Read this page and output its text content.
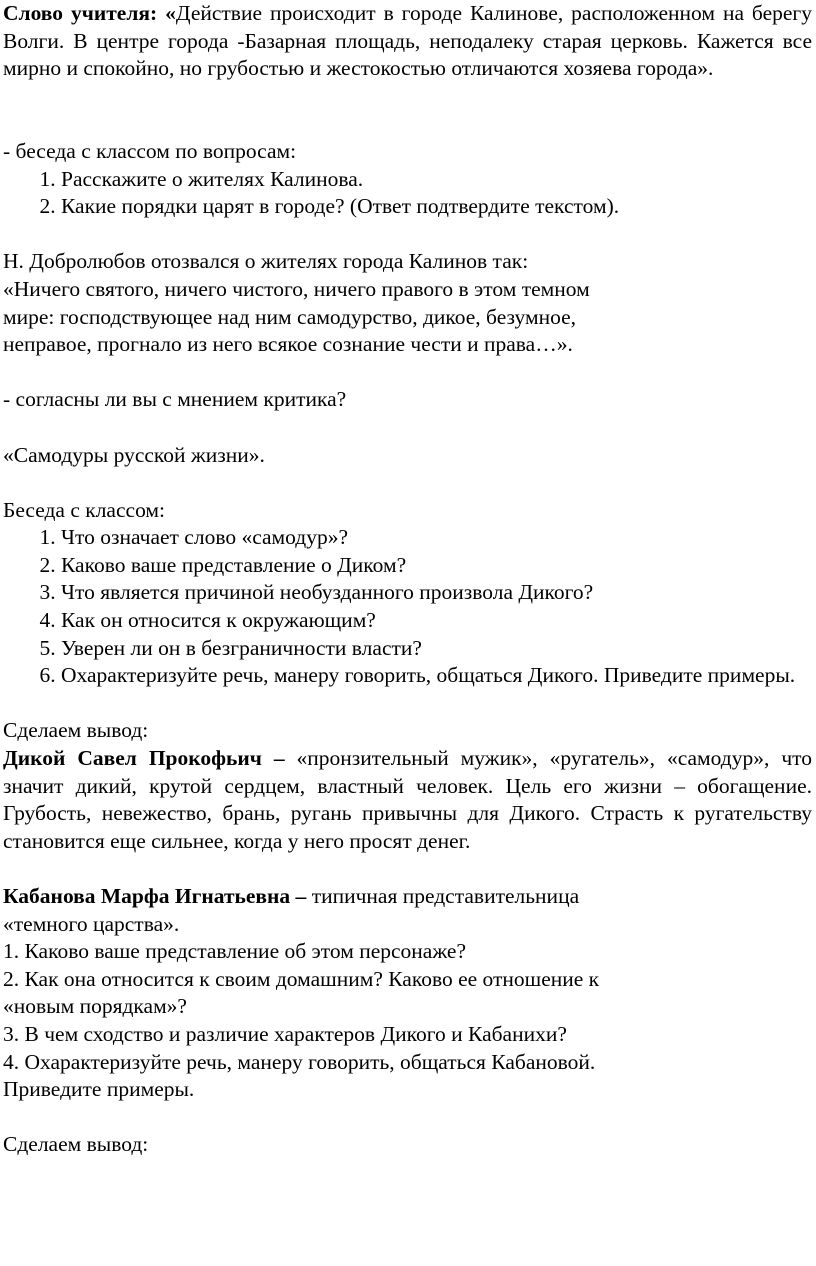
Слово учителя: «Действие происходит в городе Калинове, расположенном на берегу Волги. В центре города -Базарная площадь, неподалеку старая церковь. Кажется все мирно и спокойно, но грубостью и жестокостью отличаются хозяева города».

- беседа с классом по вопросам:

1. Расскажите о жителях Калинова.
2. Какие порядки царят в городе? (Ответ подтвердите текстом).

Н. Добролюбов отозвался о жителях города Калинов так:

«Ничего святого, ничего чистого, ничего правого в этом темном

мире: господствующее над ним самодурство, дикое, безумное,

неправое, прогнало из него всякое сознание чести и права…».

- согласны ли вы с мнением критика?

«Самодуры русской жизни».

Беседа с классом:

1. Что означает слово «самодур»?
2. Каково ваше представление о Диком?
3. Что является причиной необузданного произвола Дикого?
4. Как он относится к окружающим?
5. Уверен ли он в безграничности власти?
6. Охарактеризуйте речь, манеру говорить, общаться Дикого. Приведите примеры.

Сделаем вывод:

Дикой Савел Прокофьич – «пронзительный мужик», «ругатель», «самодур», что значит дикий, крутой сердцем, властный человек. Цель его жизни – обогащение. Грубость, невежество, брань, ругань привычны для Дикого. Страсть к ругательству становится еще сильнее, когда у него просят денег.

Кабанова Марфа Игнатьевна – типичная представительница

«темного царства».

1. Каково ваше представление об этом персонаже?

2. Как она относится к своим домашним? Каково ее отношение к

«новым порядкам»?

3. В чем сходство и различие характеров Дикого и Кабанихи?

4. Охарактеризуйте речь, манеру говорить, общаться Кабановой.

Приведите примеры.

Сделаем вывод:
